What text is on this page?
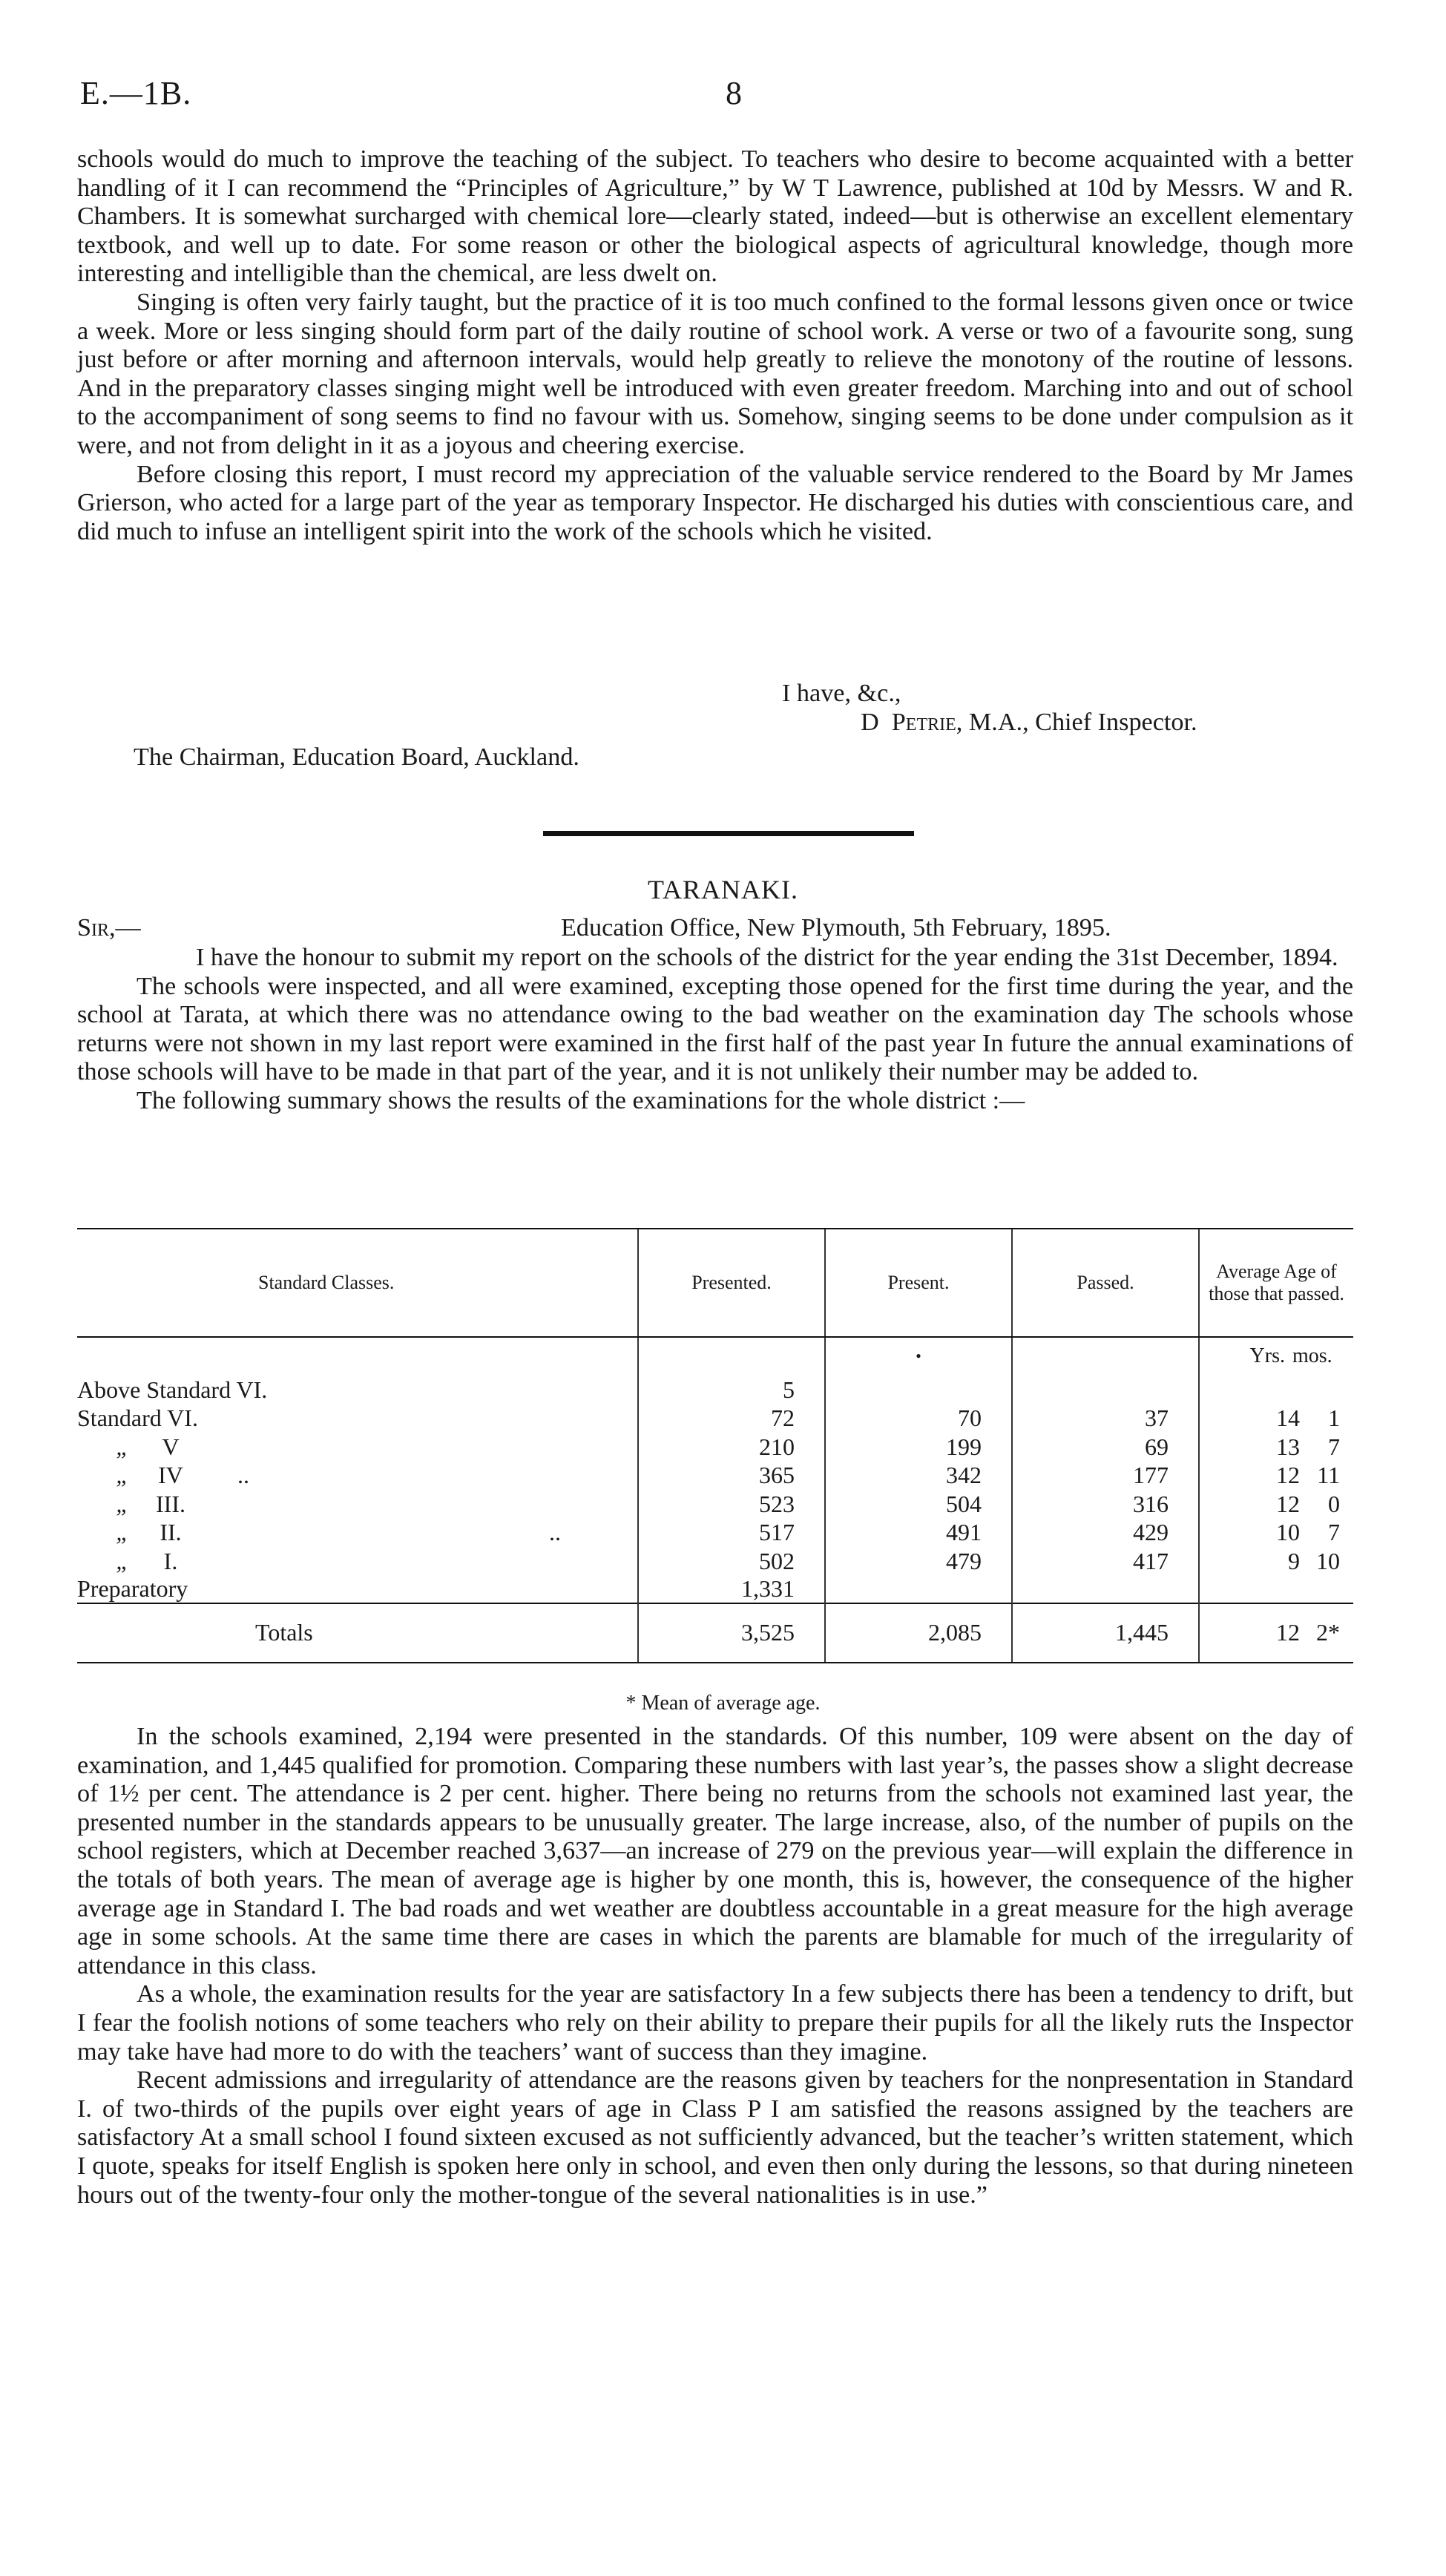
E.—1B.	8

schools would do much to improve the teaching of the subject. To teachers who desire to become acquainted with a better handling of it I can recommend the “Principles of Agriculture,” by W T Lawrence, published at 10d by Messrs. W and R. Chambers. It is somewhat surcharged with chemical lore—clearly stated, indeed—but is otherwise an excellent elementary textbook, and well up to date. For some reason or other the biological aspects of agricultural knowledge, though more interesting and intelligible than the chemical, are less dwelt on.

Singing is often very fairly taught, but the practice of it is too much confined to the formal lessons given once or twice a week. More or less singing should form part of the daily routine of school work. A verse or two of a favourite song, sung just before or after morning and afternoon intervals, would help greatly to relieve the monotony of the routine of lessons. And in the preparatory classes singing might well be introduced with even greater freedom. Marching into and out of school to the accompaniment of song seems to find no favour with us. Somehow, singing seems to be done under compulsion as it were, and not from delight in it as a joyous and cheering exercise.

Before closing this report, I must record my appreciation of the valuable service rendered to the Board by Mr James Grierson, who acted for a large part of the year as temporary Inspector. He discharged his duties with conscientious care, and did much to infuse an intelligent spirit into the work of the schools which he visited.

I have, &c.,
D Petrie, M.A., Chief Inspector.
The Chairman, Education Board, Auckland.
TARANAKI.
Sir,—	Education Office, New Plymouth, 5th February, 1895.

I have the honour to submit my report on the schools of the district for the year ending the 31st December, 1894.

The schools were inspected, and all were examined, excepting those opened for the first time during the year, and the school at Tarata, at which there was no attendance owing to the bad weather on the examination day The schools whose returns were not shown in my last report were examined in the first half of the past year In future the annual examinations of those schools will have to be made in that part of the year, and it is not unlikely their number may be added to.

The following summary shows the results of the examinations for the whole district :—

Standard Classes.	Presented.	Present.	Passed.	Average Age of those that passed.
		•		Yrs. mos.
Above Standard VI.	5			
Standard VI.	72	70	37	14 1
„ V	210	199	69	13 7
„ IV ..	365	342	177	12 11
„ III.	523	504	316	12 0
„ II. ..	517	491	429	10 7
„ I.	502	479	417	9 10
Preparatory	1,331			
Totals	3,525	2,085	1,445	12 2*
* Mean of average age.

In the schools examined, 2,194 were presented in the standards. Of this number, 109 were absent on the day of examination, and 1,445 qualified for promotion. Comparing these numbers with last year’s, the passes show a slight decrease of 1½ per cent. The attendance is 2 per cent. higher. There being no returns from the schools not examined last year, the presented number in the standards appears to be unusually greater. The large increase, also, of the number of pupils on the school registers, which at December reached 3,637—an increase of 279 on the previous year—will explain the difference in the totals of both years. The mean of average age is higher by one month, this is, however, the consequence of the higher average age in Standard I. The bad roads and wet weather are doubtless accountable in a great measure for the high average age in some schools. At the same time there are cases in which the parents are blamable for much of the irregularity of attendance in this class.

As a whole, the examination results for the year are satisfactory In a few subjects there has been a tendency to drift, but I fear the foolish notions of some teachers who rely on their ability to prepare their pupils for all the likely ruts the Inspector may take have had more to do with the teachers’ want of success than they imagine.

Recent admissions and irregularity of attendance are the reasons given by teachers for the nonpresentation in Standard I. of two-thirds of the pupils over eight years of age in Class P I am satisfied the reasons assigned by the teachers are satisfactory At a small school I found sixteen excused as not sufficiently advanced, but the teacher’s written statement, which I quote, speaks for itself English is spoken here only in school, and even then only during the lessons, so that during nineteen hours out of the twenty-four only the mother-tongue of the several nationalities is in use.”
